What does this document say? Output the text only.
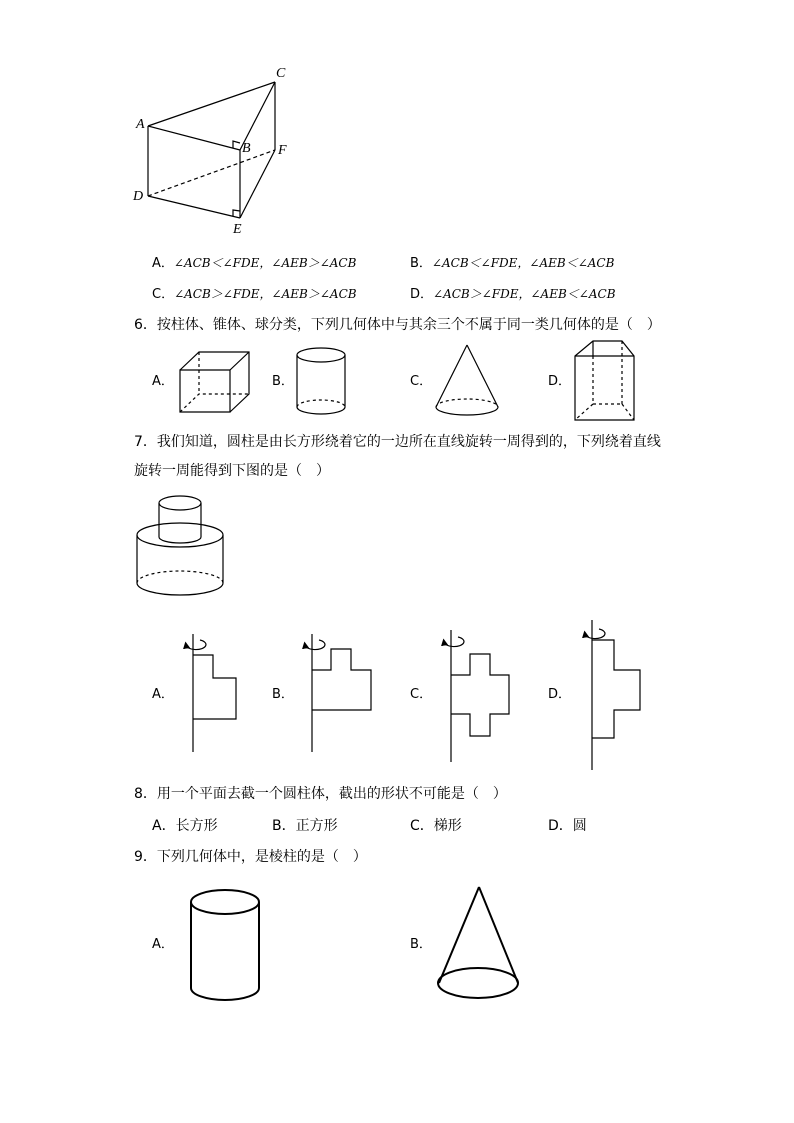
A
C
B F
D
E
A．∠ACB＜∠FDE，∠AEB＞∠ACB	B．∠ACB＜∠FDE，∠AEB＜∠ACB
C．∠ACB＞∠FDE，∠AEB＞∠ACB	D．∠ACB＞∠FDE，∠AEB＜∠ACB
6．按柱体、锥体、球分类，下列几何体中与其余三个不属于同一类几何体的是（　）
A．	B．	C．	D．
7．我们知道，圆柱是由长方形绕着它的一边所在直线旋转一周得到的，下列绕着直线
旋转一周能得到下图的是（　）
A．	B．	C．	D．
8．用一个平面去截一个圆柱体，截出的形状不可能是（　）
A．长方形	B．正方形	C．梯形	D．圆
9．下列几何体中，是棱柱的是（　）
A．	B．
